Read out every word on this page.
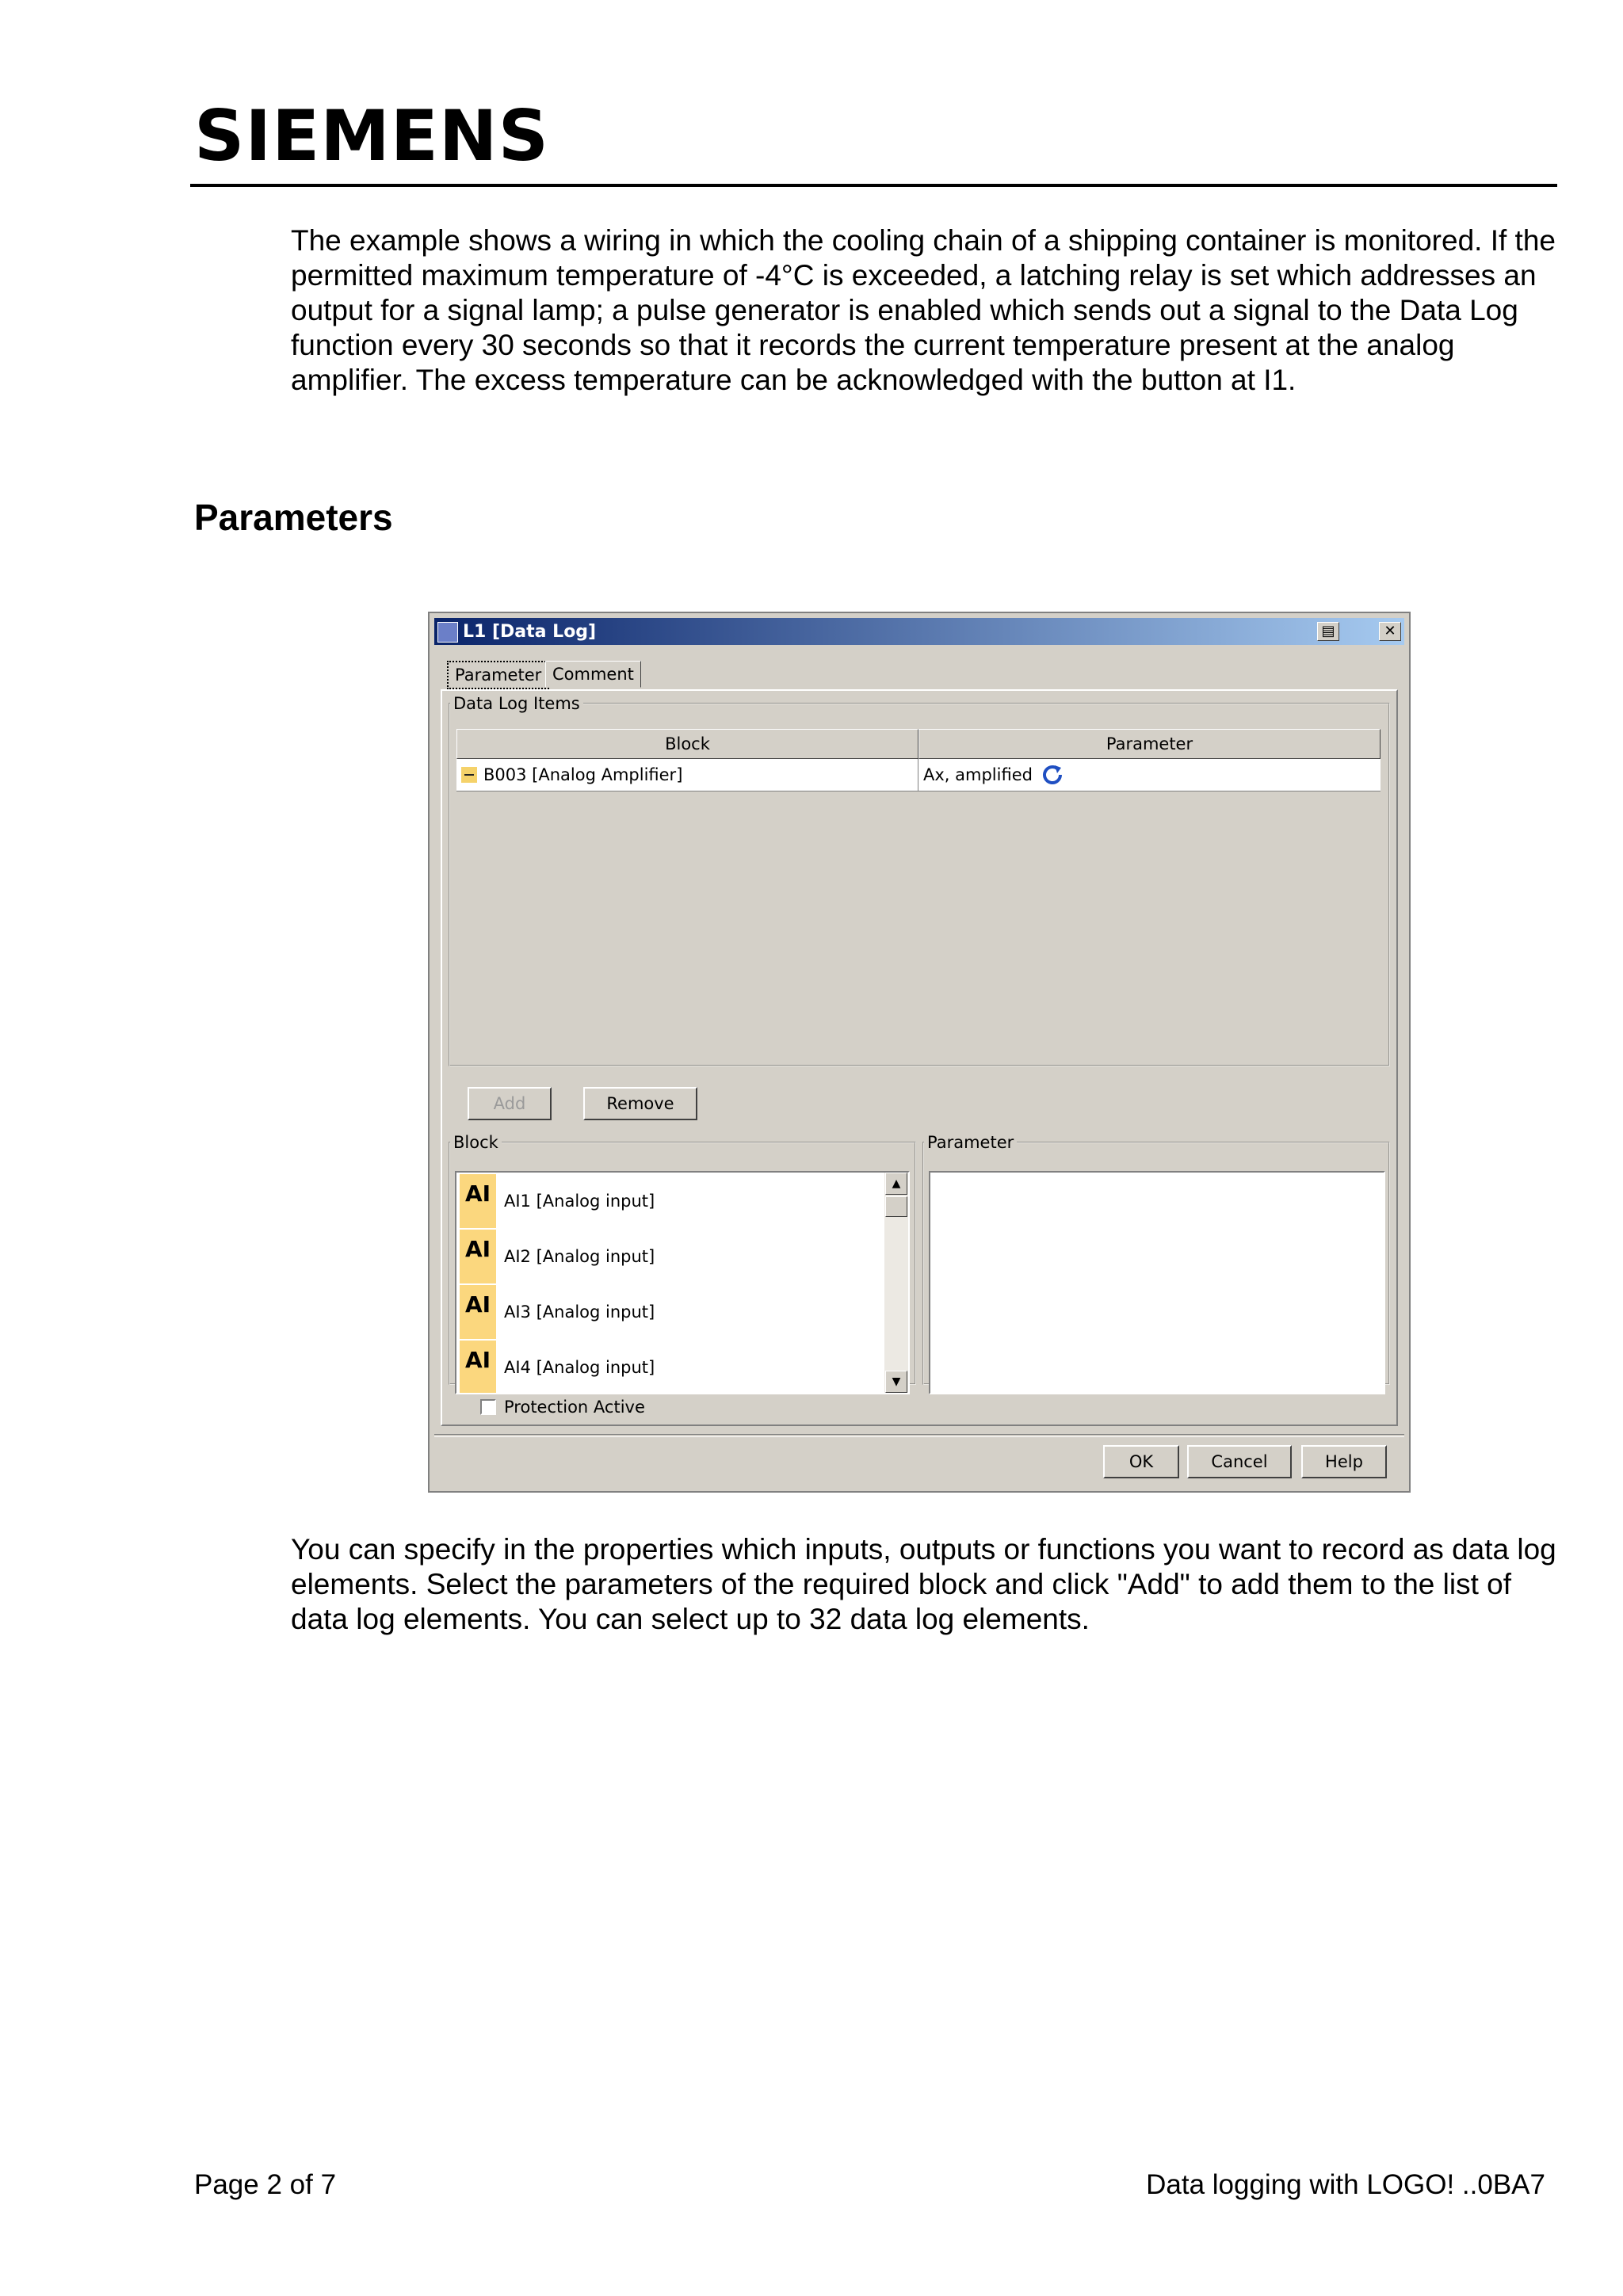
SIEMENS

The example shows a wiring in which the cooling chain of a shipping container is monitored. If the permitted maximum temperature of -4°C is exceeded, a latching relay is set which addresses an output for a signal lamp; a pulse generator is enabled which sends out a signal to the Data Log function every 30 seconds so that it records the current temperature present at the analog amplifier. The excess temperature can be acknowledged with the button at I1.

Parameters
L1 [Data Log]	▤	✕
Parameter Comment
Data Log Items
Block	Parameter
B003 [Analog Amplifier]	Ax, amplified
Add	Remove
Block
AI AI1 [Analog input]
AI AI2 [Analog input]
AI AI3 [Analog input]
AI AI4 [Analog input]
▲
▼
Parameter
Protection Active
OK	Cancel	Help

You can specify in the properties which inputs, outputs or functions you want to record as data log elements. Select the parameters of the required block and click "Add" to add them to the list of data log elements. You can select up to 32 data log elements.

Page 2 of 7	Data logging with LOGO! ..0BA7
